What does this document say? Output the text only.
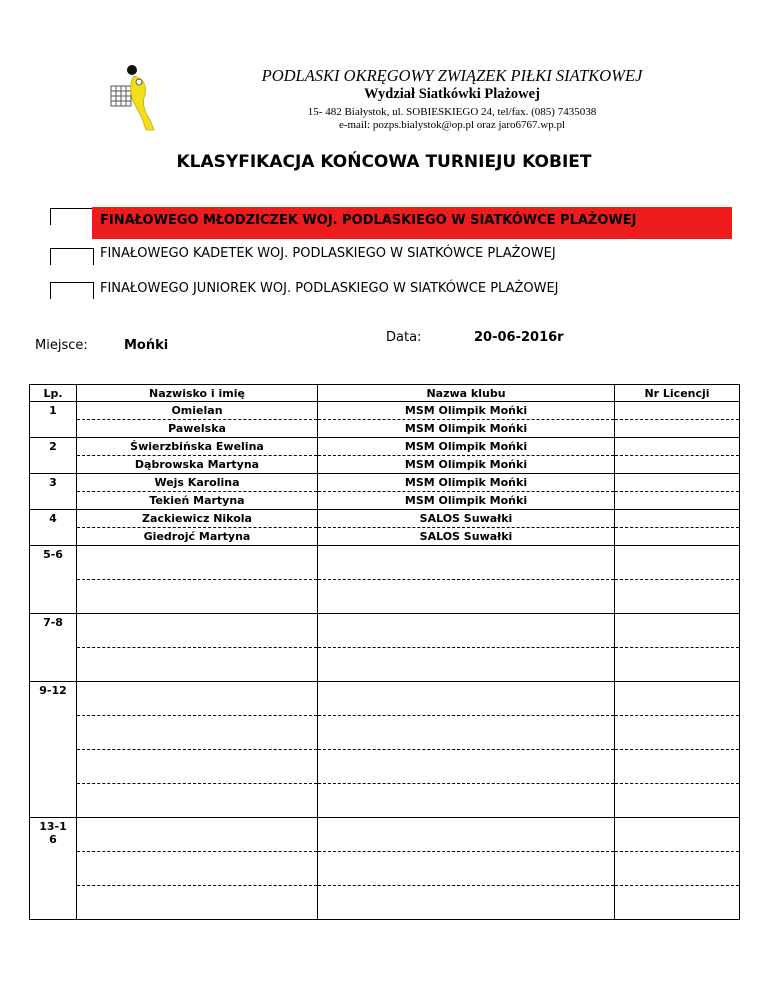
PODLASKI OKRĘGOWY ZWIĄZEK PIŁKI SIATKOWEJ
Wydział Siatkówki Plażowej
15- 482 Białystok, ul. SOBIESKIEGO 24, tel/fax. (085) 7435038
e-mail: pozps.bialystok@op.pl oraz jaro6767.wp.pl
KLASYFIKACJA KOŃCOWA TURNIEJU KOBIET
FINAŁOWEGO MŁODZICZEK WOJ. PODLASKIEGO W SIATKÓWCE PLAŻOWEJ
FINAŁOWEGO KADETEK WOJ. PODLASKIEGO W SIATKÓWCE PLAŻOWEJ
FINAŁOWEGO JUNIOREK WOJ. PODLASKIEGO W SIATKÓWCE PLAŻOWEJ
Miejsce:	Mońki
Data:	20-06-2016r
Lp.	Nazwisko i imię	Nazwa klubu	Nr Licencji
1	Omielan	MSM Olimpik Mońki	
	Pawelska	MSM Olimpik Mońki	
2	Świerzbińska Ewelina	MSM Olimpik Mońki	
	Dąbrowska Martyna	MSM Olimpik Mońki	
3	Wejs Karolina	MSM Olimpik Mońki	
	Tekień Martyna	MSM Olimpik Mońki	
4	Zackiewicz Nikola	SALOS Suwałki	
	Giedrojć Martyna	SALOS Suwałki	
5-6			

7-8			

9-12			

13-16			
